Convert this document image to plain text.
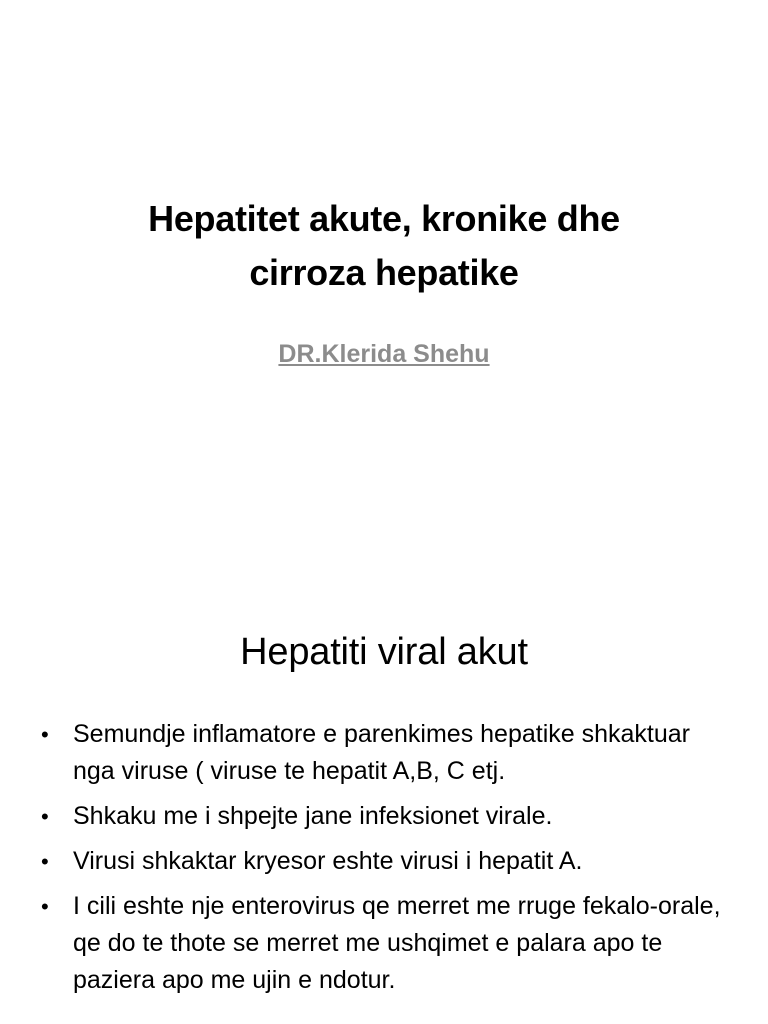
Hepatitet akute, kronike dhe
cirroza hepatike
DR.Klerida Shehu
Hepatiti viral akut
• Semundje inflamatore e parenkimes hepatike shkaktuar nga viruse ( viruse te hepatit A,B, C etj.
• Shkaku me i shpejte jane infeksionet virale.
• Virusi shkaktar kryesor eshte virusi i hepatit A.
• I cili eshte nje enterovirus qe merret me rruge fekalo-orale, qe do te thote se merret me ushqimet e palara apo te paziera apo me ujin e ndotur.
